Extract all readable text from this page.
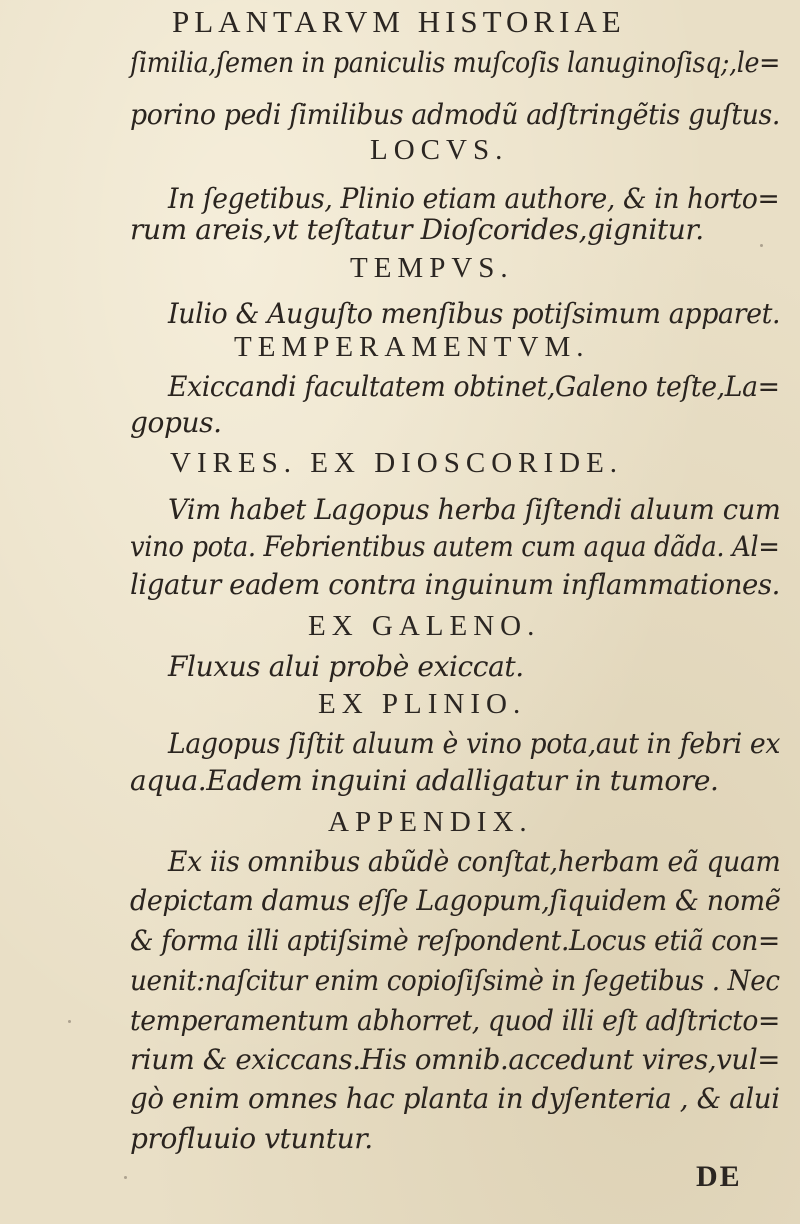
PLANTARVM HISTORIAE
ſimilia,ſemen in paniculis muſcoſis lanuginoſisq;,le=
porino pedi ſimilibus admodũ adſtringẽtis guſtus.
LOCVS.
In ſegetibus, Plinio etiam authore, & in horto=
rum areis,vt teſtatur Dioſcorides,gignitur.
TEMPVS.
Iulio & Auguſto menſibus potiſsimum apparet.
TEMPERAMENTVM.
Exiccandi facultatem obtinet,Galeno teſte,La=
gopus.
VIRES. EX DIOSCORIDE.
Vim habet Lagopus herba ſiſtendi aluum cum
vino pota. Febrientibus autem cum aqua dãda. Al=
ligatur eadem contra inguinum inflammationes.
EX GALENO.
Fluxus alui probè exiccat.
EX PLINIO.
Lagopus ſiſtit aluum è vino pota,aut in febri ex
aqua.Eadem inguini adalligatur in tumore.
APPENDIX.
Ex iis omnibus abũdè conſtat,herbam eã quam
depictam damus eſſe Lagopum,ſiquidem & nomẽ
& forma illi aptiſsimè reſpondent.Locus etiã con=
uenit:naſcitur enim copioſiſsimè in ſegetibus . Nec
temperamentum abhorret, quod illi eſt adſtricto=
rium & exiccans.His omnib.accedunt vires,vul=
gò enim omnes hac planta in dyſenteria , & alui
profluuio vtuntur.
DE
